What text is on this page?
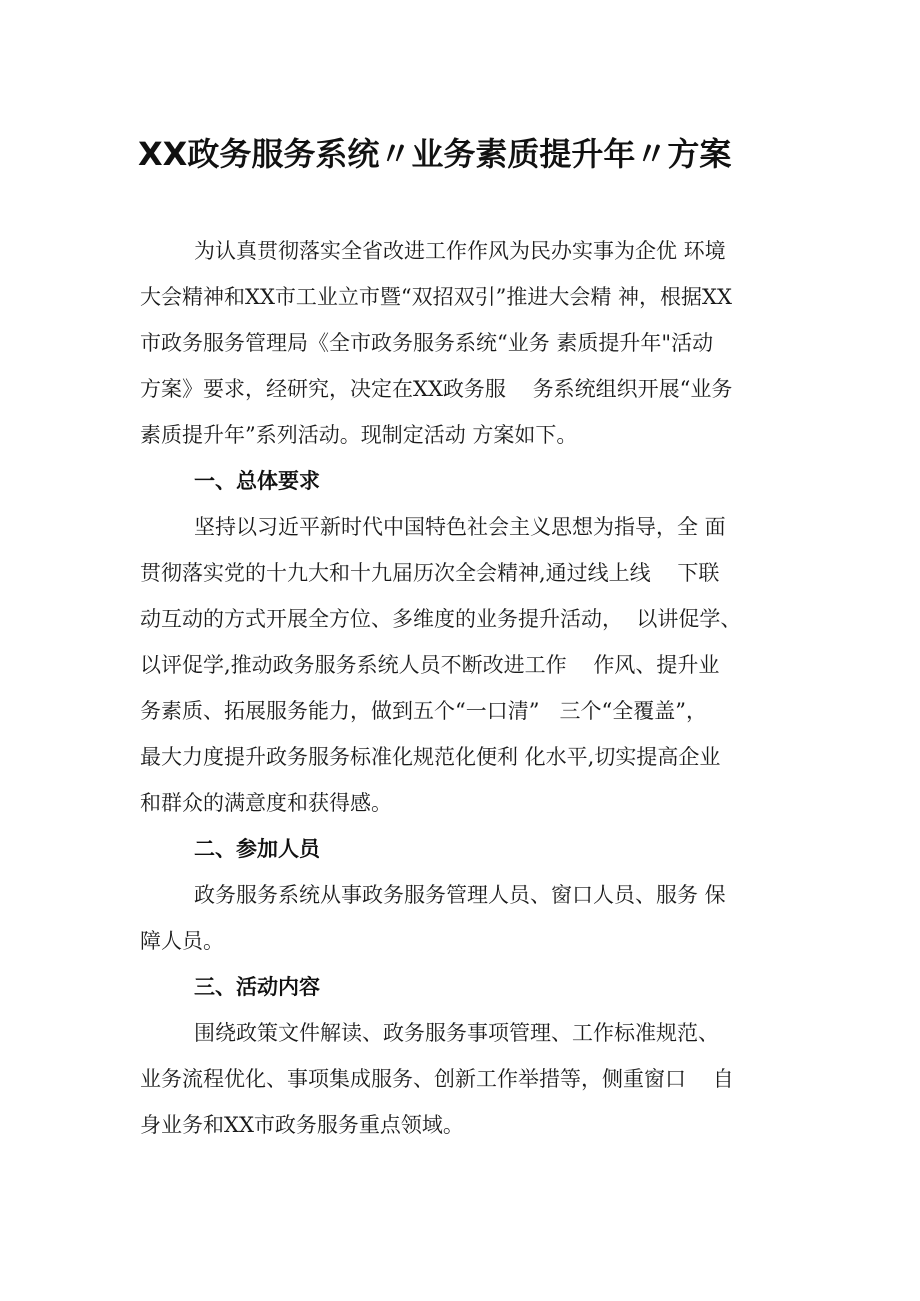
XX政务服务系统〃业务素质提升年〃方案
为认真贯彻落实全省改进工作作风为民办实事为企优 环境
大会精神和XX市工业立市暨“双招双引”推进大会精 神，根据XX
市政务服务管理局《全市政务服务系统“业务 素质提升年"活动
方案》要求，经研究，决定在XX政务服    务系统组织开展“业务
素质提升年”系列活动。现制定活动 方案如下。
一、总体要求
坚持以习近平新时代中国特色社会主义思想为指导，全 面
贯彻落实党的十九大和十九届历次全会精神,通过线上线    下联
动互动的方式开展全方位、多维度的业务提升活动，  以讲促学、
以评促学,推动政务服务系统人员不断改进工作    作风、提升业
务素质、拓展服务能力，做到五个“一口清”   三个“全覆盖”，
最大力度提升政务服务标准化规范化便利 化水平,切实提高企业
和群众的满意度和获得感。
二、参加人员
政务服务系统从事政务服务管理人员、窗口人员、服务 保
障人员。
三、活动内容
围绕政策文件解读、政务服务事项管理、工作标准规范、
业务流程优化、事项集成服务、创新工作举措等，侧重窗口    自
身业务和XX市政务服务重点领域。
